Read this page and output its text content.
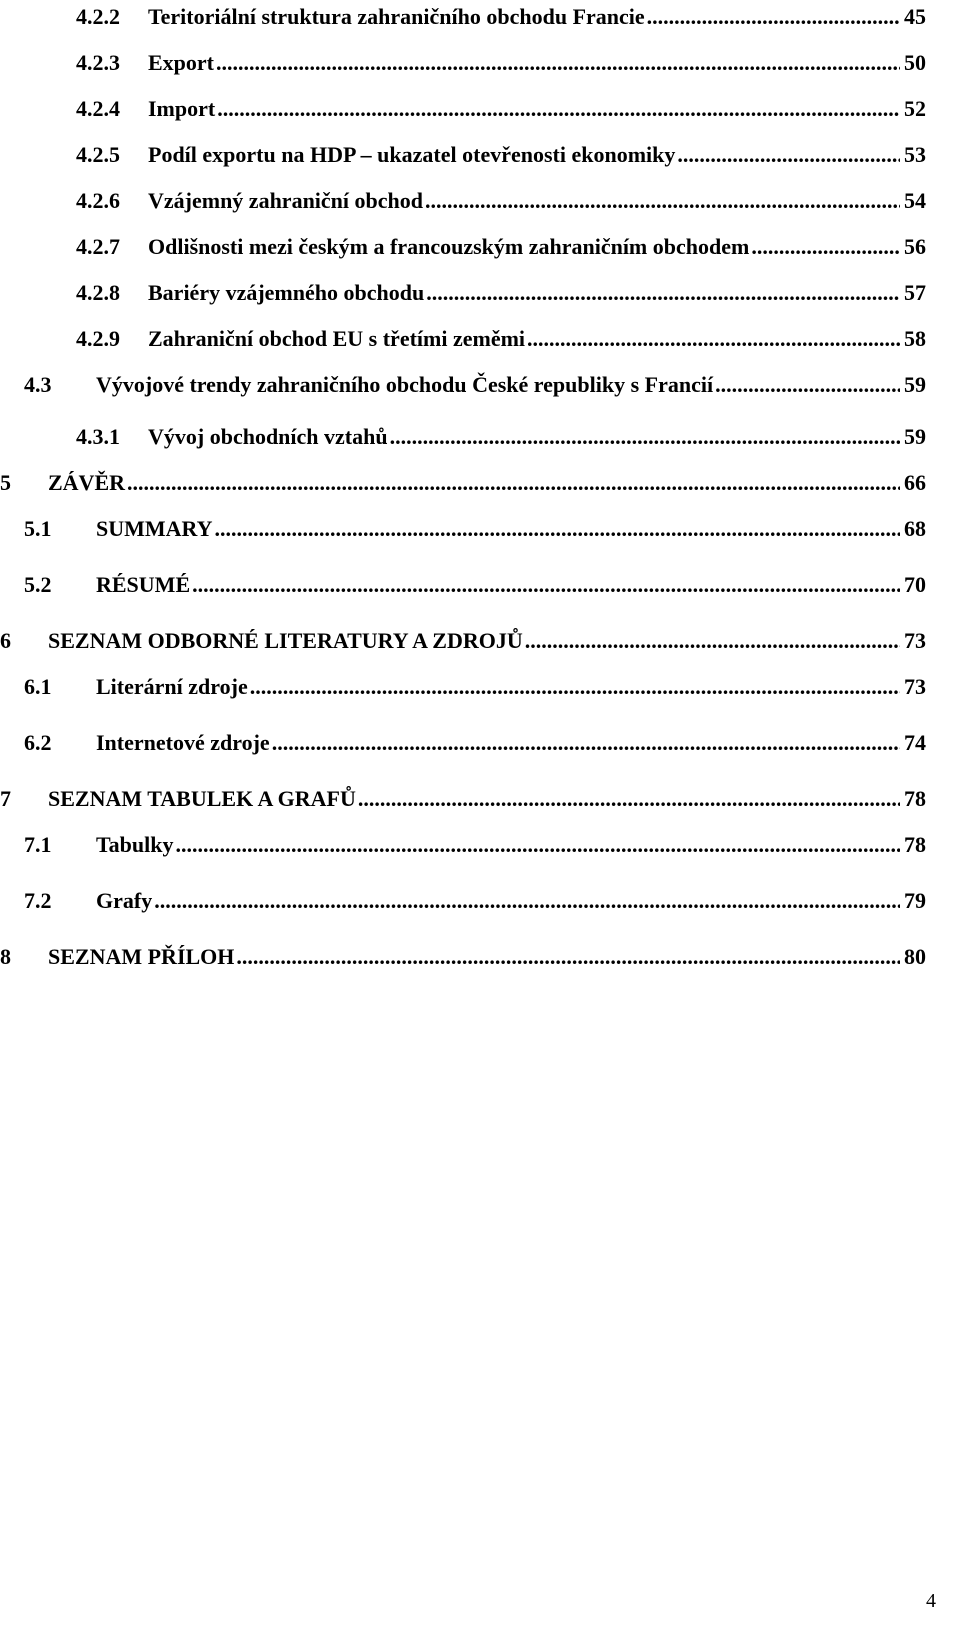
4.2.2	Teritoriální struktura zahraničního obchodu Francie .....	45
4.2.3	Export .....	50
4.2.4	Import .....	52
4.2.5	Podíl exportu na HDP – ukazatel otevřenosti ekonomiky .....	53
4.2.6	Vzájemný zahraniční obchod .....	54
4.2.7	Odlišnosti mezi českým a francouzským zahraničním obchodem .....	56
4.2.8	Bariéry vzájemného obchodu .....	57
4.2.9	Zahraniční obchod EU s třetími zeměmi .....	58
4.3	Vývojové trendy zahraničního obchodu České republiky s Francií .....	59
4.3.1	Vývoj obchodních vztahů .....	59
5	ZÁVĚR .....	66
5.1	SUMMARY .....	68
5.2	RÉSUMÉ .....	70
6	SEZNAM ODBORNÉ LITERATURY A ZDROJŮ .....	73
6.1	Literární zdroje .....	73
6.2	Internetové zdroje .....	74
7	SEZNAM TABULEK A GRAFŮ .....	78
7.1	Tabulky .....	78
7.2	Grafy .....	79
8	SEZNAM PŘÍLOH .....	80
4
